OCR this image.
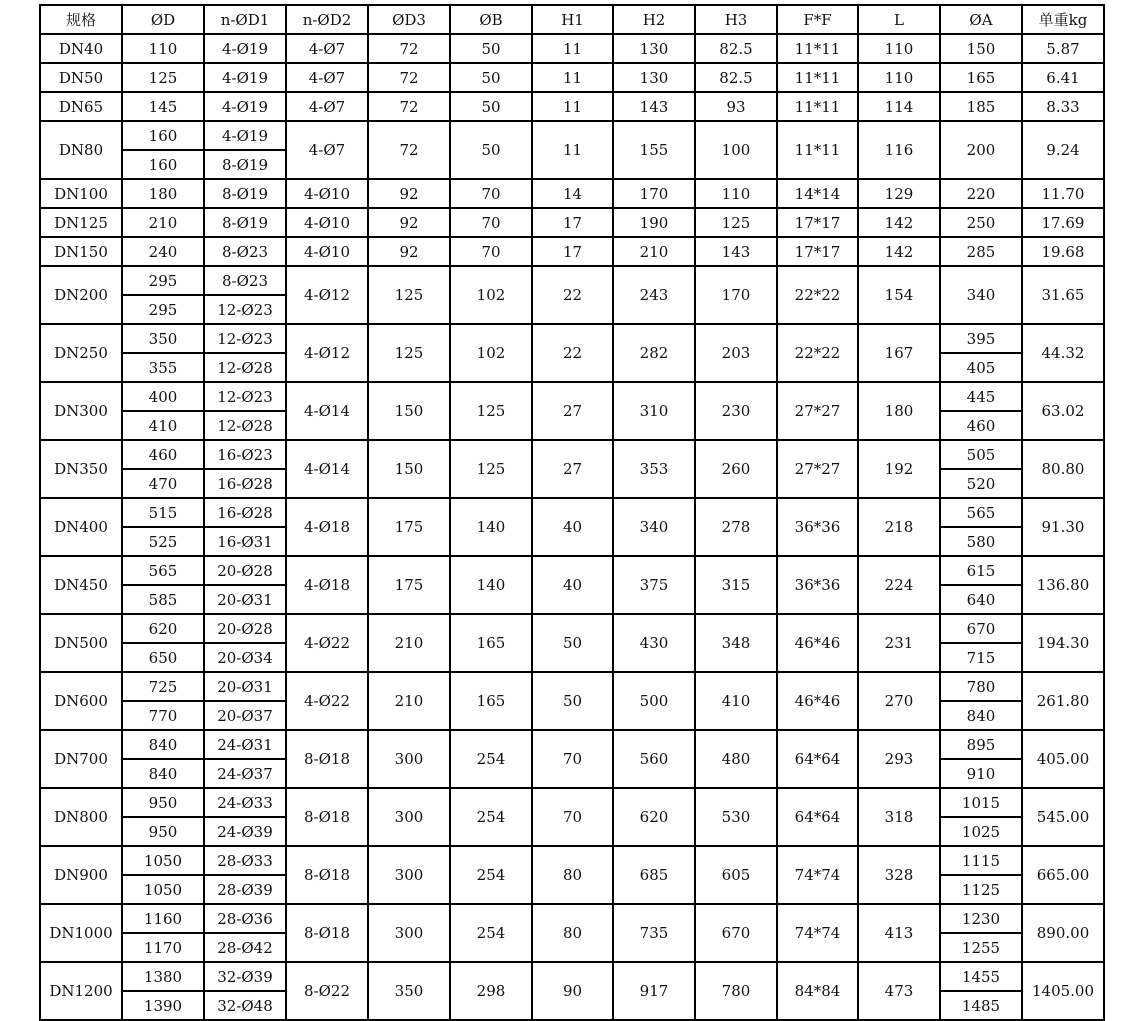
规格	ØD	n-ØD1	n-ØD2	ØD3	ØB	H1	H2	H3	F*F	L	ØA	单重kg
DN40	110	4-Ø19	4-Ø7	72	50	11	130	82.5	11*11	110	150	5.87
DN50	125	4-Ø19	4-Ø7	72	50	11	130	82.5	11*11	110	165	6.41
DN65	145	4-Ø19	4-Ø7	72	50	11	143	93	11*11	114	185	8.33
DN80	160	4-Ø19	4-Ø7	72	50	11	155	100	11*11	116	200	9.24
	160	8-Ø19										
DN100	180	8-Ø19	4-Ø10	92	70	14	170	110	14*14	129	220	11.70
DN125	210	8-Ø19	4-Ø10	92	70	17	190	125	17*17	142	250	17.69
DN150	240	8-Ø23	4-Ø10	92	70	17	210	143	17*17	142	285	19.68
DN200	295	8-Ø23	4-Ø12	125	102	22	243	170	22*22	154	340	31.65
	295	12-Ø23										
DN250	350	12-Ø23	4-Ø12	125	102	22	282	203	22*22	167	395	44.32
	355	12-Ø28									405	
DN300	400	12-Ø23	4-Ø14	150	125	27	310	230	27*27	180	445	63.02
	410	12-Ø28									460	
DN350	460	16-Ø23	4-Ø14	150	125	27	353	260	27*27	192	505	80.80
	470	16-Ø28									520	
DN400	515	16-Ø28	4-Ø18	175	140	40	340	278	36*36	218	565	91.30
	525	16-Ø31									580	
DN450	565	20-Ø28	4-Ø18	175	140	40	375	315	36*36	224	615	136.80
	585	20-Ø31									640	
DN500	620	20-Ø28	4-Ø22	210	165	50	430	348	46*46	231	670	194.30
	650	20-Ø34									715	
DN600	725	20-Ø31	4-Ø22	210	165	50	500	410	46*46	270	780	261.80
	770	20-Ø37									840	
DN700	840	24-Ø31	8-Ø18	300	254	70	560	480	64*64	293	895	405.00
	840	24-Ø37									910	
DN800	950	24-Ø33	8-Ø18	300	254	70	620	530	64*64	318	1015	545.00
	950	24-Ø39									1025	
DN900	1050	28-Ø33	8-Ø18	300	254	80	685	605	74*74	328	1115	665.00
	1050	28-Ø39									1125	
DN1000	1160	28-Ø36	8-Ø18	300	254	80	735	670	74*74	413	1230	890.00
	1170	28-Ø42									1255	
DN1200	1380	32-Ø39	8-Ø22	350	298	90	917	780	84*84	473	1455	1405.00
	1390	32-Ø48									1485	
